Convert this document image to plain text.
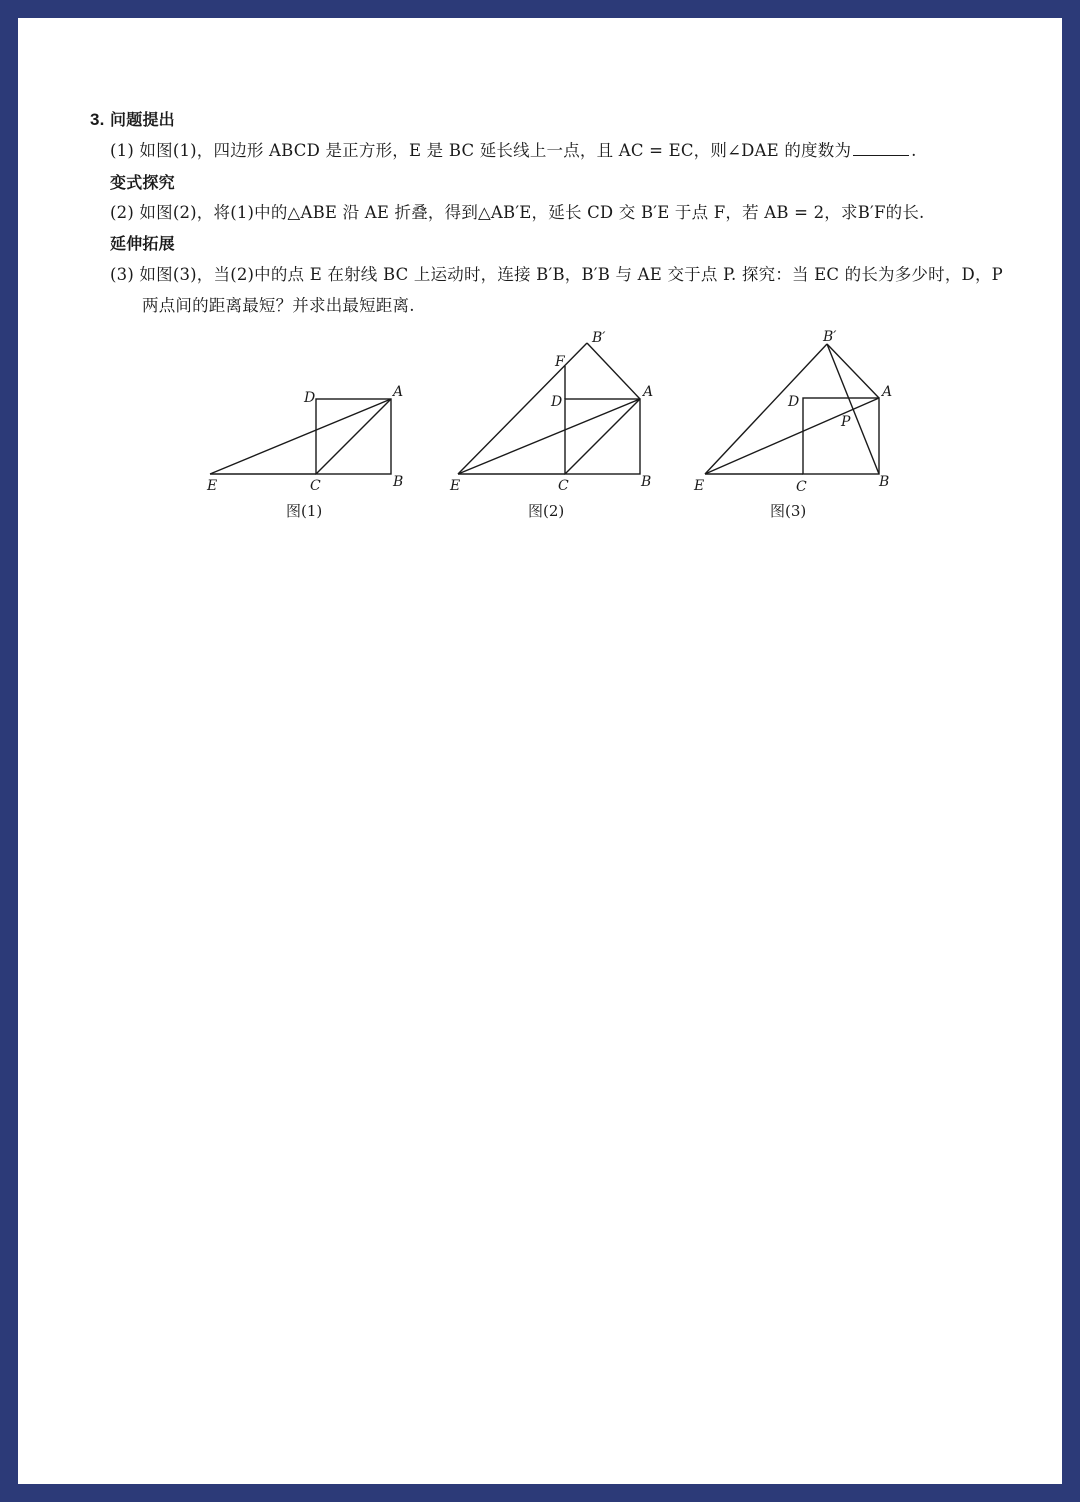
3. 问题提出
(1) 如图(1)，四边形 ABCD 是正方形，E 是 BC 延长线上一点，且 AC = EC，则∠DAE 的度数为	.
变式探究
(2) 如图(2)，将(1)中的△ABE 沿 AE 折叠，得到△AB′E，延长 CD 交 B′E 于点 F，若 AB = 2，求B′F的长.
延伸拓展
(3) 如图(3)，当(2)中的点 E 在射线 BC 上运动时，连接 B′B，B′B 与 AE 交于点 P. 探究：当 EC 的长为多少时，D，P
两点间的距离最短？并求出最短距离.
D	A
E	C	B
图(1)
B′
F
D
A
E	C	B
图(2)
B′
D
A
P
E	C	B
图(3)
